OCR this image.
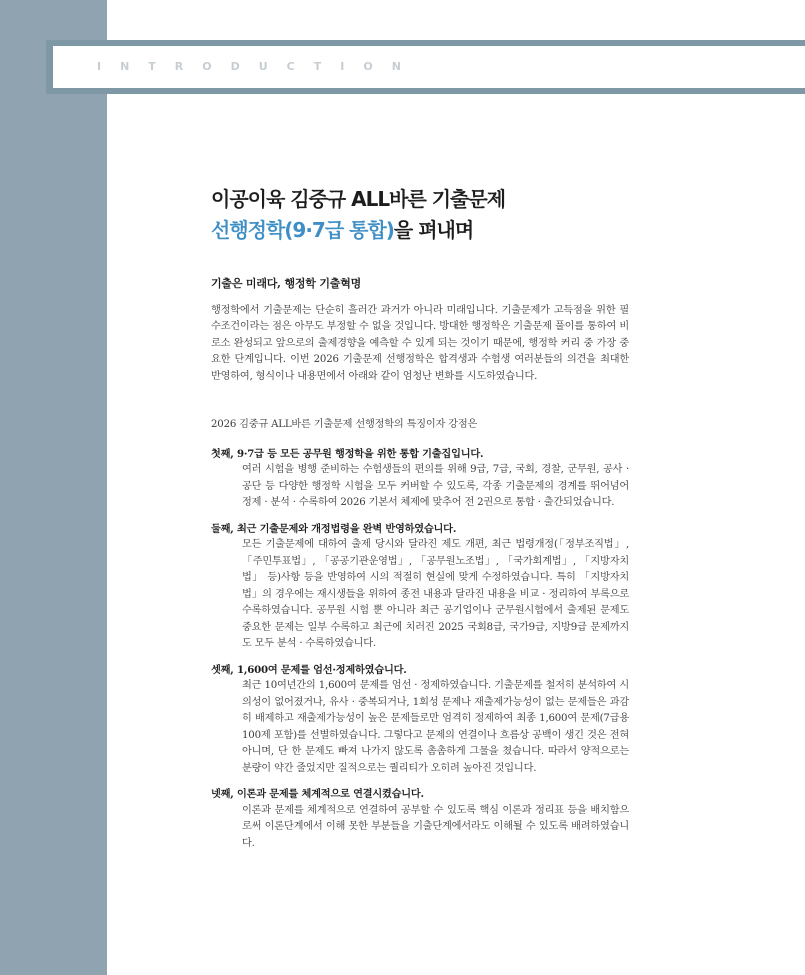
INTRODUCTION
이공이육 김중규 ALL바른 기출문제
선행정학(9·7급 통합)을 펴내며

기출은 미래다, 행정학 기출혁명

행정학에서 기출문제는 단순히 흘러간 과거가 아니라 미래입니다. 기출문제가 고득점을 위한 필수조건이라는 점은 아무도 부정할 수 없을 것입니다. 방대한 행정학은 기출문제 풀이를 통하여 비로소 완성되고 앞으로의 출제경향을 예측할 수 있게 되는 것이기 때문에, 행정학 커리 중 가장 중요한 단계입니다. 이번 2026 기출문제 선행정학은 합격생과 수험생 여러분들의 의견을 최대한 반영하여, 형식이나 내용면에서 아래와 같이 엄청난 변화를 시도하였습니다.

2026 김중규 ALL바른 기출문제 선행정학의 특징이자 강점은

첫째, 9·7급 등 모든 공무원 행정학을 위한 통합 기출집입니다.

여러 시험을 병행 준비하는 수험생들의 편의를 위해 9급, 7급, 국회, 경찰, 군무원, 공사 · 공단 등 다양한 행정학 시험을 모두 커버할 수 있도록, 각종 기출문제의 경계를 뛰어넘어 정제 · 분석 · 수록하여 2026 기본서 체제에 맞추어 전 2권으로 통합 · 출간되었습니다.

둘째, 최근 기출문제와 개정법령을 완벽 반영하였습니다.

모든 기출문제에 대하여 출제 당시와 달라진 제도 개편, 최근 법령개정(「정부조직법」, 「주민투표법」, 「공공기관운영법」, 「공무원노조법」, 「국가회계법」, 「지방자치법」 등)사항 등을 반영하여 시의 적절히 현실에 맞게 수정하였습니다. 특히 「지방자치법」의 경우에는 재시생들을 위하여 종전 내용과 달라진 내용을 비교 · 정리하여 부록으로 수록하였습니다. 공무원 시험 뿐 아니라 최근 공기업이나 군무원시험에서 출제된 문제도 중요한 문제는 일부 수록하고 최근에 치러진 2025 국회8급, 국가9급, 지방9급 문제까지도 모두 분석 · 수록하였습니다.

셋째, 1,600여 문제를 엄선·정제하였습니다.

최근 10여년간의 1,600여 문제를 엄선 · 정제하였습니다. 기출문제를 철저히 분석하여 시의성이 없어졌거나, 유사 · 중복되거나, 1회성 문제나 재출제가능성이 없는 문제들은 과감히 배제하고 재출제가능성이 높은 문제들로만 엄격히 정제하여 최종 1,600여 문제(7급용 100제 포함)를 선별하였습니다. 그렇다고 문제의 연결이나 흐름상 공백이 생긴 것은 전혀 아니며, 단 한 문제도 빠져 나가지 않도록 촘촘하게 그물을 쳤습니다. 따라서 양적으로는 분량이 약간 줄었지만 질적으로는 퀄리티가 오히려 높아진 것입니다.

넷째, 이론과 문제를 체계적으로 연결시켰습니다.

이론과 문제를 체계적으로 연결하여 공부할 수 있도록 핵심 이론과 정리표 등을 배치함으로써 이론단계에서 이해 못한 부분들을 기출단계에서라도 이해될 수 있도록 배려하였습니다.
